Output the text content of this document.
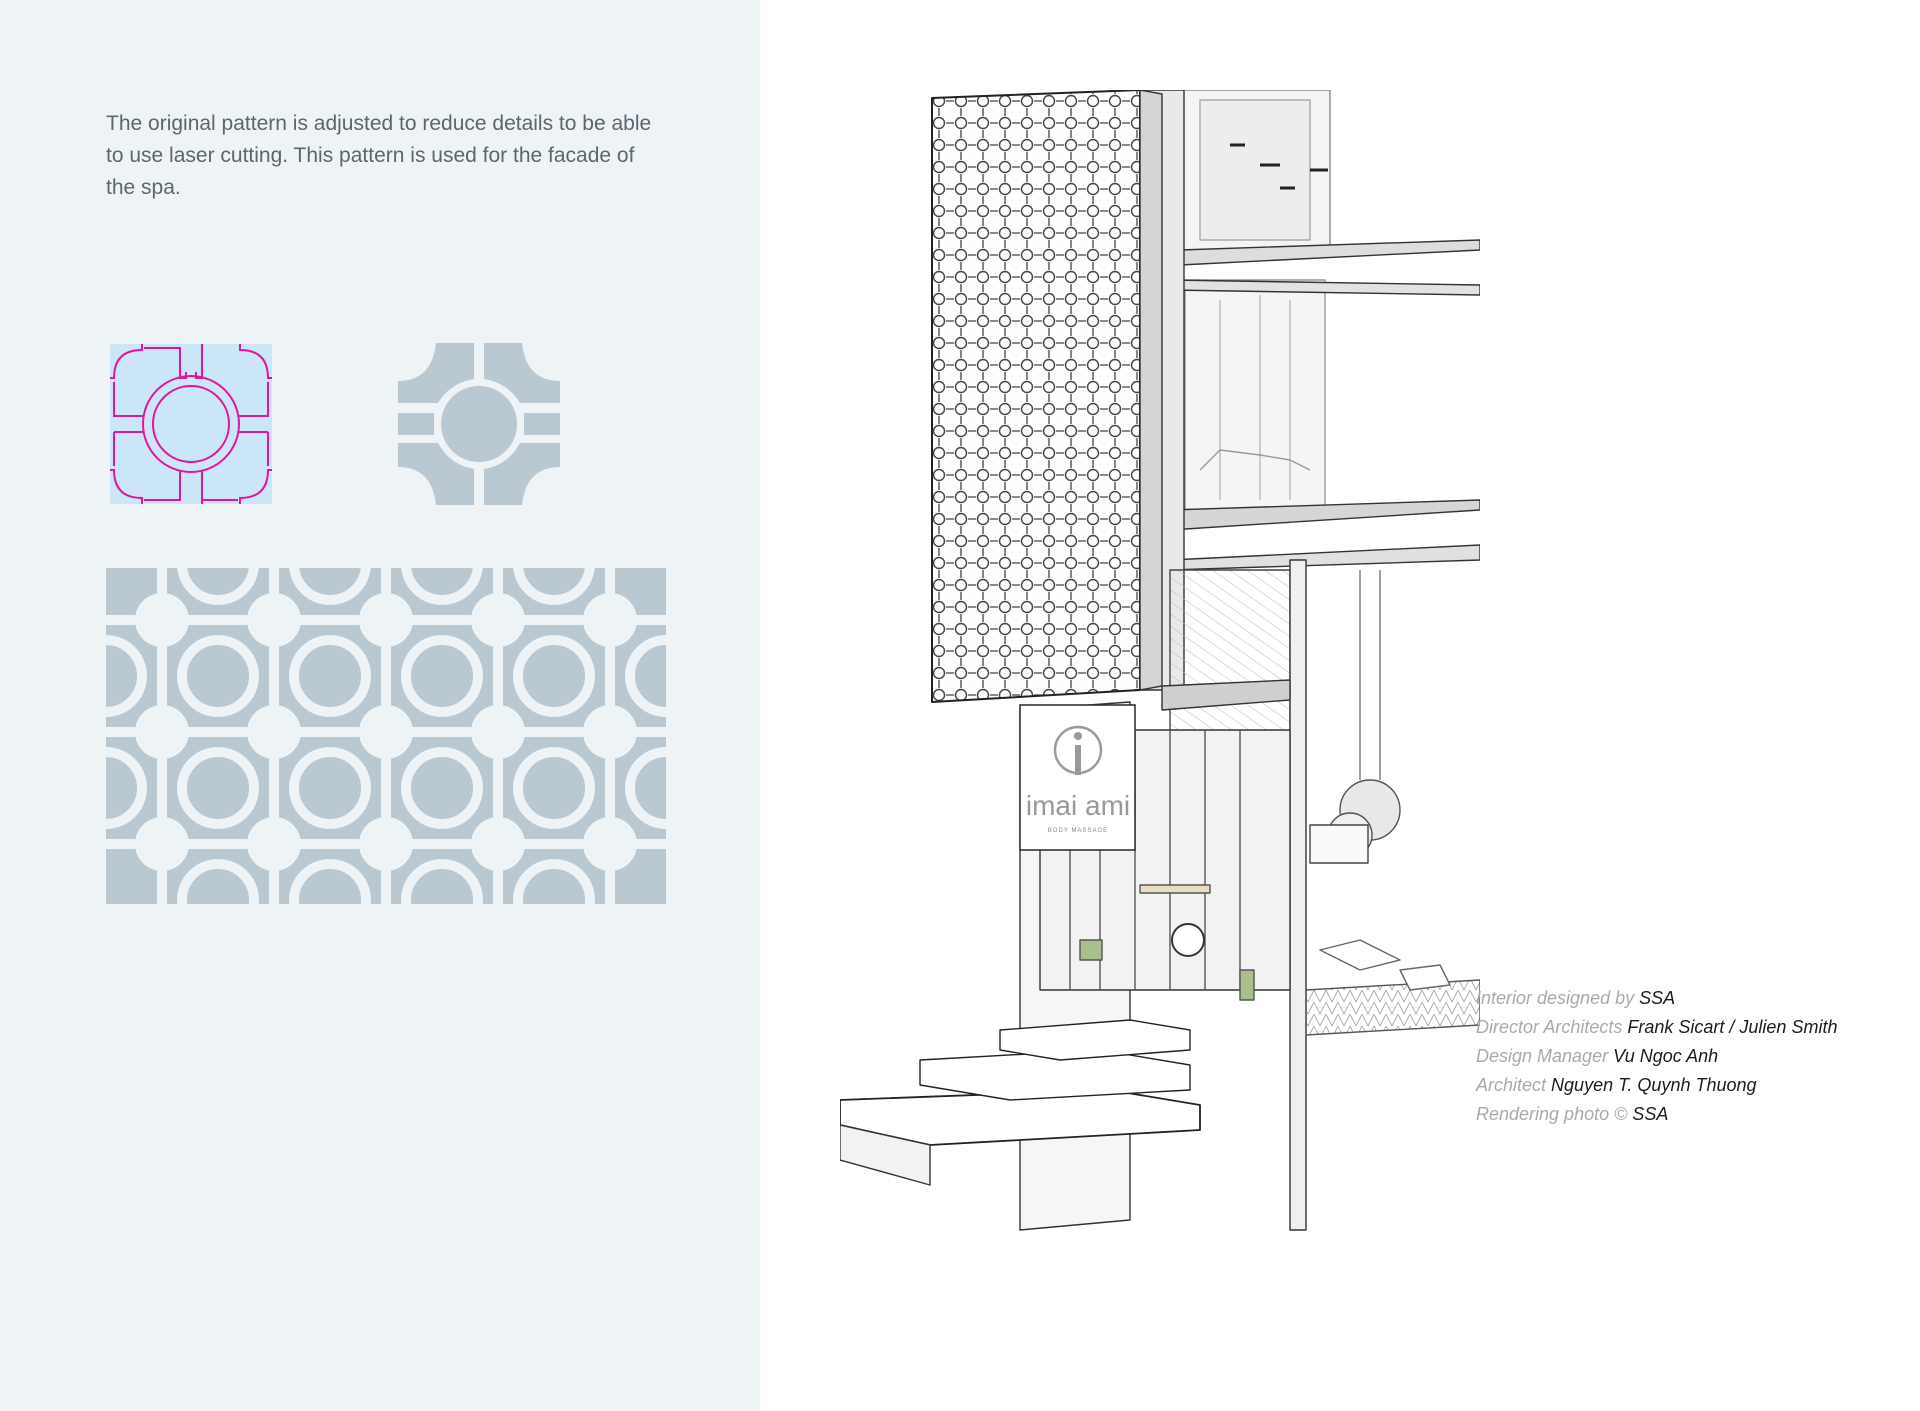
The original pattern is adjusted to reduce details to be able to use laser cutting. This pattern is used for the facade of the spa.

imai ami
BODY MASSAGE
Interior designed by SSA
Director Architects Frank Sicart / Julien Smith
Design Manager Vu Ngoc Anh
Architect Nguyen T. Quynh Thuong
Rendering photo © SSA
